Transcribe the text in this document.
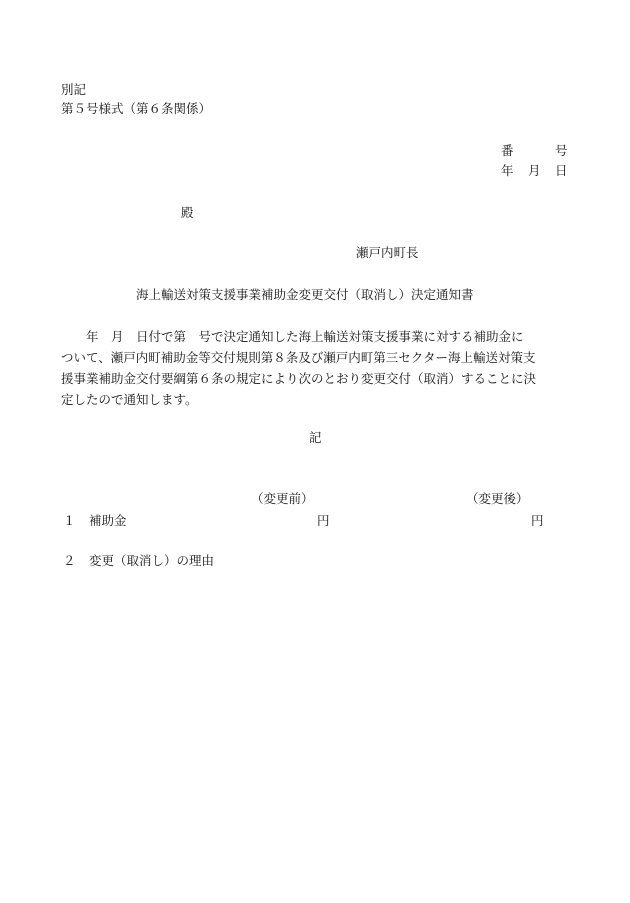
別記
第５号様式（第６条関係）
番	号
年 月 日
殿
瀬戸内町長
海上輸送対策支援事業補助金変更交付（取消し）決定通知書
　　年　月　日付で第　号で決定通知した海上輸送対策支援事業に対する補助金に
ついて、瀬戸内町補助金等交付規則第８条及び瀬戸内町第三セクター海上輸送対策支
援事業補助金交付要綱第６条の規定により次のとおり変更交付（取消）することに決
定したので通知します。
記
（変更前）	（変更後）
１ 補助金	円	円
２ 変更（取消し）の理由
